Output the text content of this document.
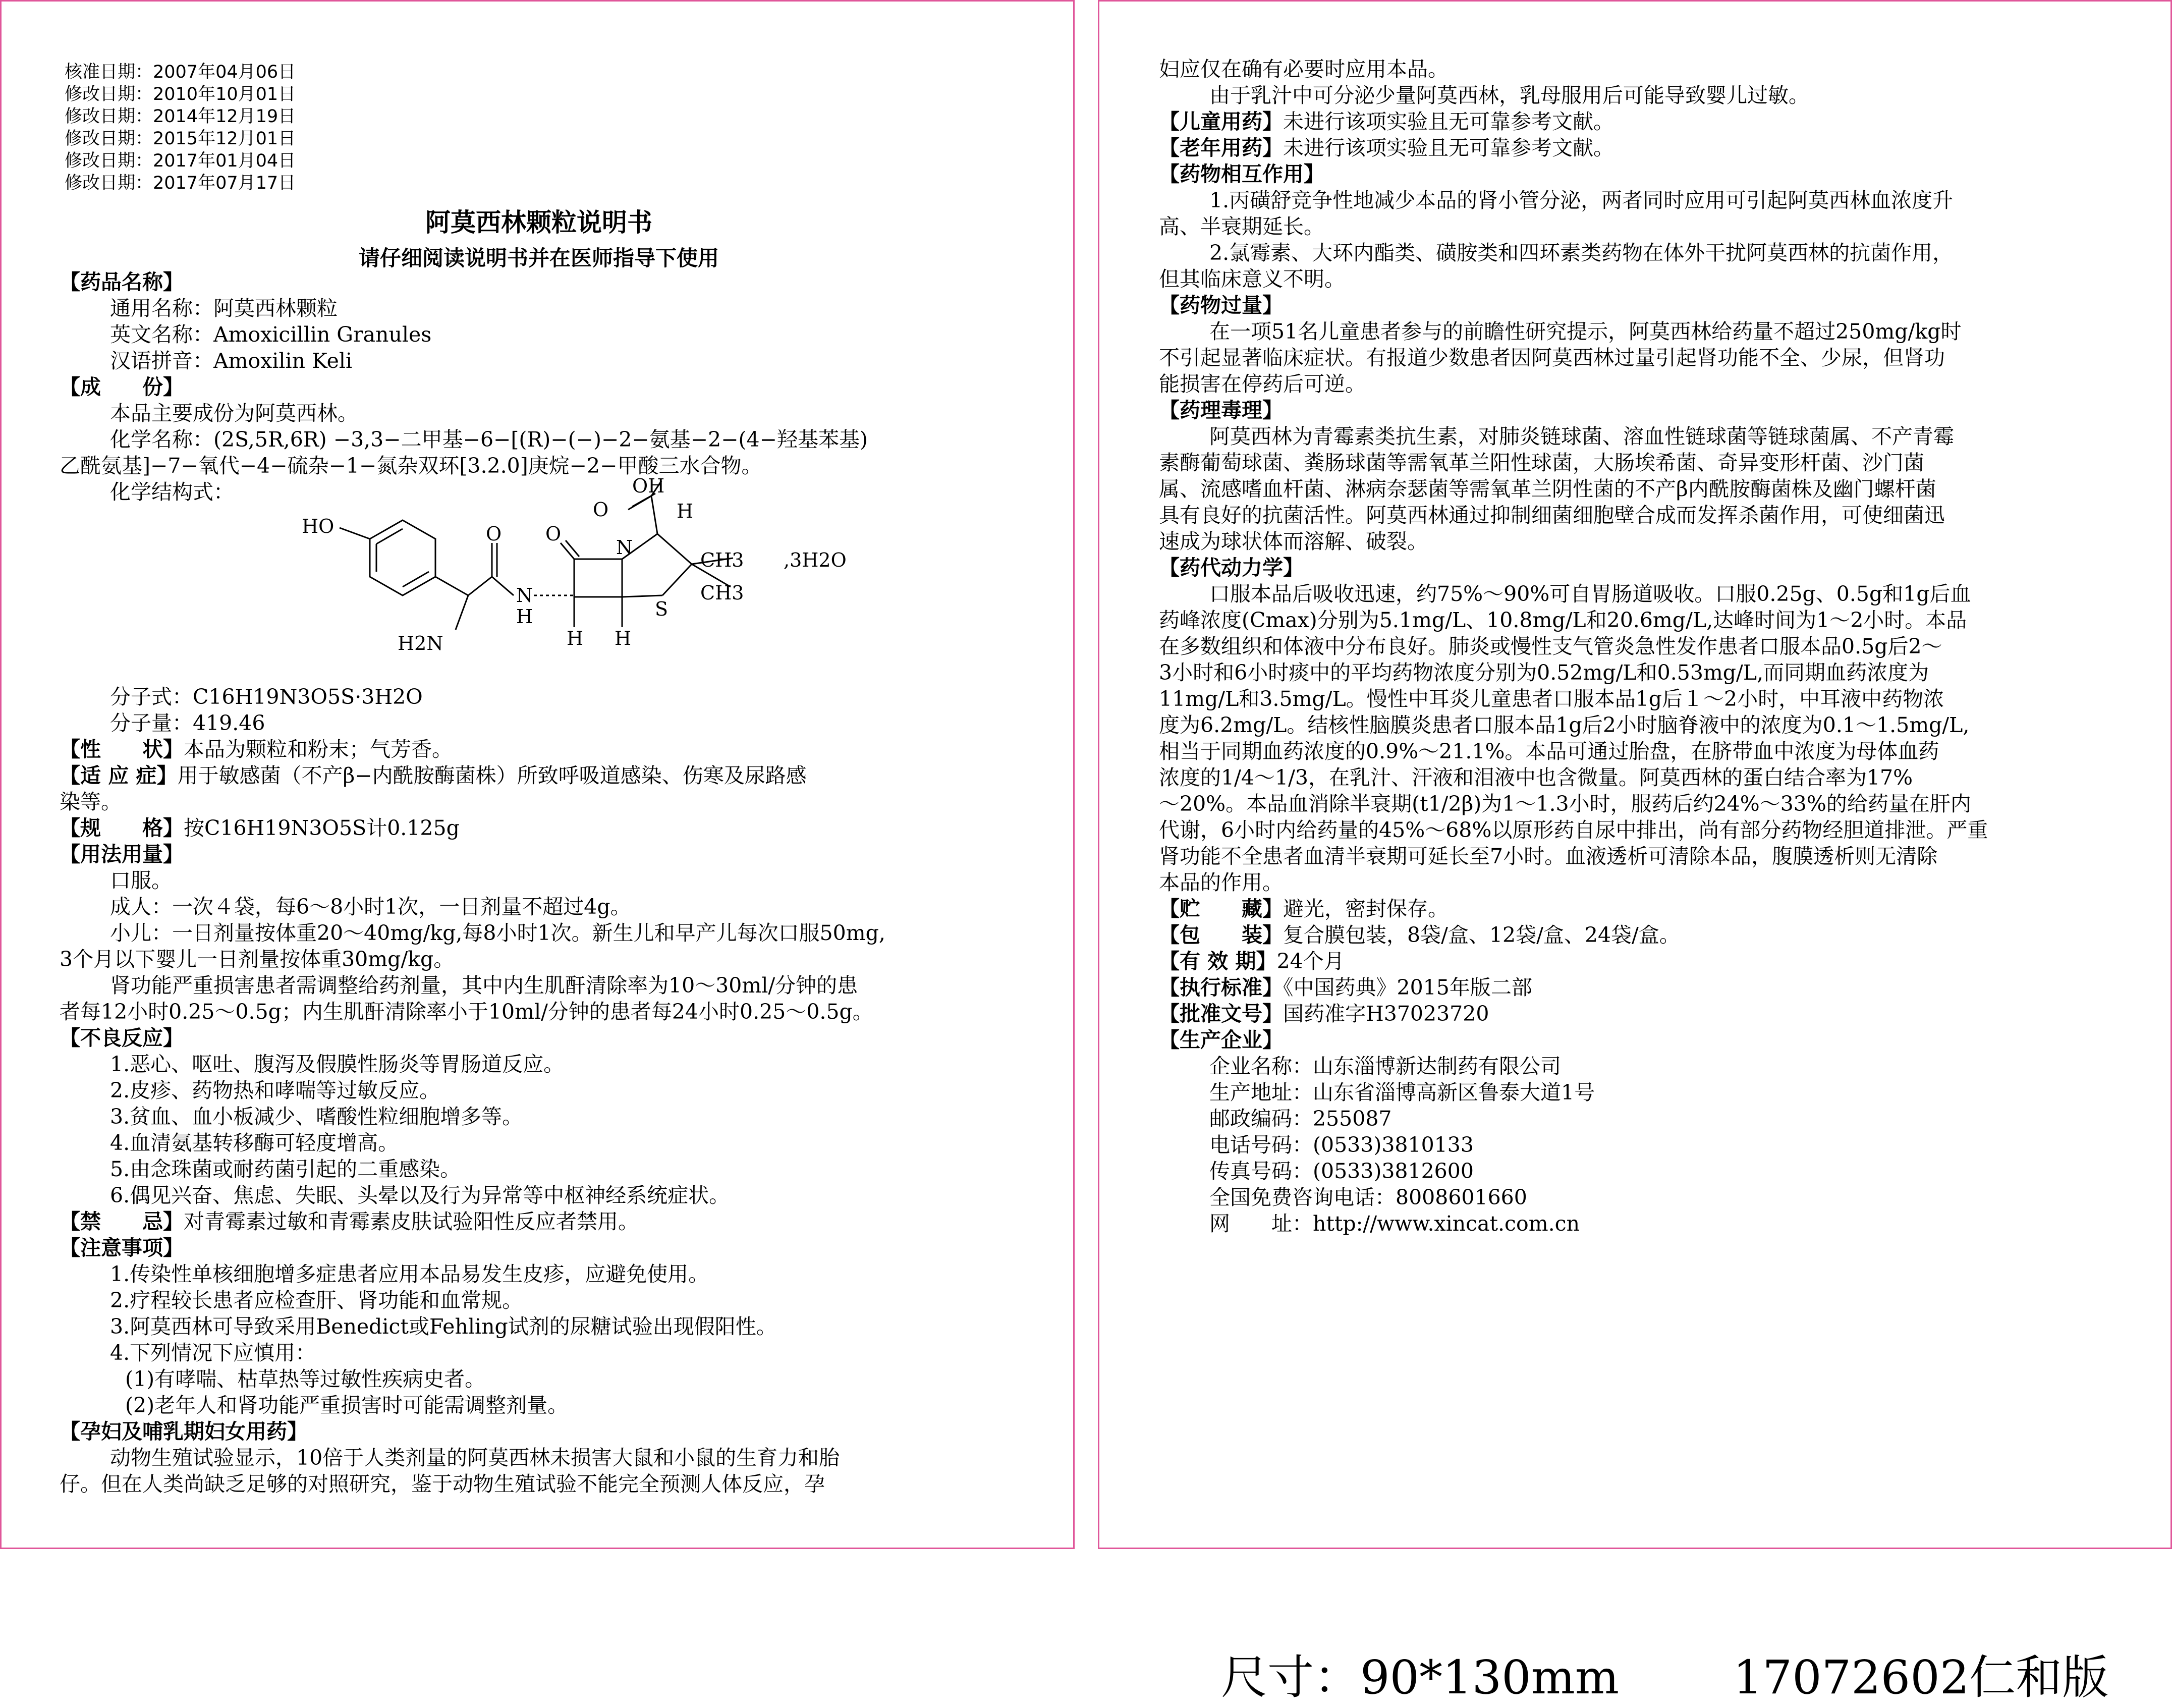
核准日期：2007年04月06日

修改日期：2010年10月01日

修改日期：2014年12月19日

修改日期：2015年12月01日

修改日期：2017年01月04日

修改日期：2017年07月17日

阿莫西林颗粒说明书

请仔细阅读说明书并在医师指导下使用

【药品名称】

通用名称：阿莫西林颗粒

英文名称：Amoxicillin Granules

汉语拼音：Amoxilin Keli

【成　　份】

本品主要成份为阿莫西林。

化学名称：(2S,5R,6R) −3,3−二甲基−6−[(R)−(−)−2−氨基−2−(4−羟基苯基)

乙酰氨基]−7−氧代−4−硫杂−1−氮杂双环[3.2.0]庚烷−2−甲酸三水合物。

化学结构式：	OH
O	H
HO	O O
N
CH3 ,3H2O
N
H	S
CH3
H2N	H H

分子式：C16H19N3O5S·3H2O

分子量：419.46

【性　　状】本品为颗粒和粉末；气芳香。

【适 应 症】用于敏感菌（不产β−内酰胺酶菌株）所致呼吸道感染、伤寒及尿路感

染等。

【规　　格】按C16H19N3O5S计0.125g

【用法用量】

口服。

成人：一次４袋，每6～8小时1次，一日剂量不超过4g。

小儿：一日剂量按体重20～40mg/kg,每8小时1次。新生儿和早产儿每次口服50mg,

3个月以下婴儿一日剂量按体重30mg/kg。

肾功能严重损害患者需调整给药剂量，其中内生肌酐清除率为10～30ml/分钟的患

者每12小时0.25～0.5g；内生肌酐清除率小于10ml/分钟的患者每24小时0.25～0.5g。

【不良反应】

1.恶心、呕吐、腹泻及假膜性肠炎等胃肠道反应。

2.皮疹、药物热和哮喘等过敏反应。

3.贫血、血小板减少、嗜酸性粒细胞增多等。

4.血清氨基转移酶可轻度增高。

5.由念珠菌或耐药菌引起的二重感染。

6.偶见兴奋、焦虑、失眠、头晕以及行为异常等中枢神经系统症状。

【禁　　忌】对青霉素过敏和青霉素皮肤试验阳性反应者禁用。

【注意事项】

1.传染性单核细胞增多症患者应用本品易发生皮疹，应避免使用。

2.疗程较长患者应检查肝、肾功能和血常规。

3.阿莫西林可导致采用Benedict或Fehling试剂的尿糖试验出现假阳性。

4.下列情况下应慎用：

(1)有哮喘、枯草热等过敏性疾病史者。

(2)老年人和肾功能严重损害时可能需调整剂量。

【孕妇及哺乳期妇女用药】

动物生殖试验显示，10倍于人类剂量的阿莫西林未损害大鼠和小鼠的生育力和胎

仔。但在人类尚缺乏足够的对照研究，鉴于动物生殖试验不能完全预测人体反应，孕

妇应仅在确有必要时应用本品。

由于乳汁中可分泌少量阿莫西林，乳母服用后可能导致婴儿过敏。

【儿童用药】未进行该项实验且无可靠参考文献。

【老年用药】未进行该项实验且无可靠参考文献。

【药物相互作用】

1.丙磺舒竞争性地减少本品的肾小管分泌，两者同时应用可引起阿莫西林血浓度升

高、半衰期延长。

2.氯霉素、大环内酯类、磺胺类和四环素类药物在体外干扰阿莫西林的抗菌作用，

但其临床意义不明。

【药物过量】

在一项51名儿童患者参与的前瞻性研究提示，阿莫西林给药量不超过250mg/kg时

不引起显著临床症状。有报道少数患者因阿莫西林过量引起肾功能不全、少尿，但肾功

能损害在停药后可逆。

【药理毒理】

阿莫西林为青霉素类抗生素，对肺炎链球菌、溶血性链球菌等链球菌属、不产青霉

素酶葡萄球菌、粪肠球菌等需氧革兰阳性球菌，大肠埃希菌、奇异变形杆菌、沙门菌

属、流感嗜血杆菌、淋病奈瑟菌等需氧革兰阴性菌的不产β内酰胺酶菌株及幽门螺杆菌

具有良好的抗菌活性。阿莫西林通过抑制细菌细胞壁合成而发挥杀菌作用，可使细菌迅

速成为球状体而溶解、破裂。

【药代动力学】

口服本品后吸收迅速，约75%～90%可自胃肠道吸收。口服0.25g、0.5g和1g后血

药峰浓度(Cmax)分别为5.1mg/L、10.8mg/L和20.6mg/L,达峰时间为1～2小时。本品

在多数组织和体液中分布良好。肺炎或慢性支气管炎急性发作患者口服本品0.5g后2～

3小时和6小时痰中的平均药物浓度分别为0.52mg/L和0.53mg/L,而同期血药浓度为

11mg/L和3.5mg/L。慢性中耳炎儿童患者口服本品1g后１～2小时，中耳液中药物浓

度为6.2mg/L。结核性脑膜炎患者口服本品1g后2小时脑脊液中的浓度为0.1～1.5mg/L,

相当于同期血药浓度的0.9%～21.1%。本品可通过胎盘，在脐带血中浓度为母体血药

浓度的1/4～1/3，在乳汁、汗液和泪液中也含微量。阿莫西林的蛋白结合率为17%

～20%。本品血消除半衰期(t1/2β)为1～1.3小时，服药后约24%～33%的给药量在肝内

代谢，6小时内给药量的45%～68%以原形药自尿中排出，尚有部分药物经胆道排泄。严重

肾功能不全患者血清半衰期可延长至7小时。血液透析可清除本品，腹膜透析则无清除

本品的作用。

【贮　　藏】避光，密封保存。

【包　　装】复合膜包装，8袋/盒、12袋/盒、24袋/盒。

【有 效 期】24个月

【执行标准】《中国药典》2015年版二部

【批准文号】国药准字H37023720

【生产企业】

企业名称：山东淄博新达制药有限公司

生产地址：山东省淄博高新区鲁泰大道1号

邮政编码：255087

电话号码：(0533)3810133

传真号码：(0533)3812600

全国免费咨询电话：8008601660

网　　址：http://www.xincat.com.cn

尺寸：90*130mm 17072602仁和版
